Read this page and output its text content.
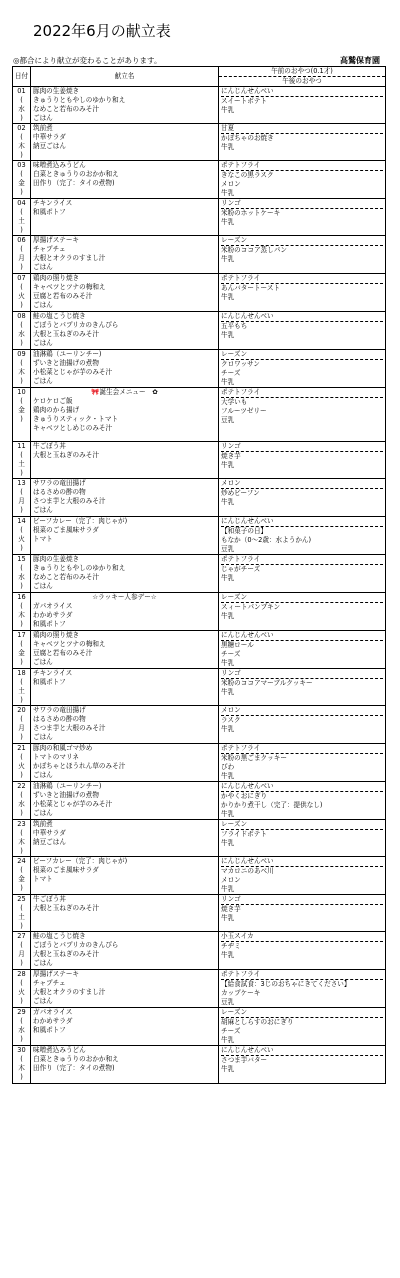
2022年6月の献立表
◎都合により献立が変わることがあります。	高鷲保育園
日付	献立名	午前のおやつ(0.1才)
午後のおやつ

01
(
水
)	豚肉の生姜焼き
きゅうりともやしのゆかり和え
なめこと若布のみそ汁
ごはん	にんじんせんべい
スイートポテト
牛乳

02
(
木
)	筑前煮
中華サラダ
納豆ごはん	甘夏
かぼちゃのお焼き
牛乳

03
(
金
)	味噌煮込みうどん
白菜ときゅうりのおかか和え
田作り（完了：タイの煮物)	ポテトフライ
きなこの黒ラスク
メロン
牛乳

04
(
土
)	チキンライス
和風ポトフ	リンゴ
米粉のホットケーキ
牛乳

06
(
月
)	厚揚げステーキ
チャプチェ
大根とオクラのすまし汁
ごはん	レーズン
米粉のココア蒸しパン
牛乳

07
(
火
)	鶏肉の照り焼き
キャベツとツナの梅和え
豆腐と若布のみそ汁
ごはん	ポテトフライ
あんバタートースト
牛乳

08
(
水
)	鮭の塩こうじ焼き
ごぼうとパプリカのきんぴら
大根と玉ねぎのみそ汁
ごはん	にんじんせんべい
五平もち
牛乳

09
(
木
)	油淋鶏（ユーリンチー)
ずいきと油揚げの煮物
小松菜とじゃが芋のみそ汁
ごはん	レーズン
クロワッサン
チーズ
牛乳

10
(
金
)	🎀誕生会メニュー　✿
ケロケロご飯
鶏肉のから揚げ
きゅうりスティック・トマト
キャベツとしめじのみそ汁	ポテトフライ
大学いも
フルーツゼリー
豆乳

11
(
土
)	牛ごぼう丼
大根と玉ねぎのみそ汁	リンゴ
焼き芋
牛乳

13
(
月
)	サワラの竜田揚げ
はるさめの酢の物
さつま芋と大根のみそ汁
ごはん	メロン
炒めビーフン
牛乳

14
(
火
)	ビーフカレー（完了：肉じゃが)
根菜のごま風味サラダ
トマト	にんじんせんべい
【和菓子の日】
もなか（0～2歳：水ようかん)
豆乳

15
(
水
)	豚肉の生姜焼き
きゅうりともやしのゆかり和え
なめこと若布のみそ汁
ごはん	ポテトフライ
じゃがチーズ
牛乳

16
(
木
)	☆ラッキー人参デー☆
ガパオライス
わかめサラダ
和風ポトフ	レーズン
スィートパンプキン
牛乳

17
(
金
)	鶏肉の照り焼き
キャベツとツナの梅和え
豆腐と若布のみそ汁
ごはん	にんじんせんべい
黒糖ロール
チーズ
牛乳

18
(
土
)	チキンライス
和風ポトフ	リンゴ
米粉のココアマーブルクッキー
牛乳

20
(
月
)	サワラの竜田揚げ
はるさめの酢の物
さつま芋と大根のみそ汁
ごはん	メロン
ラスク
牛乳

21
(
火
)	豚肉の和風ゴマ炒め
トマトのマリネ
かぼちゃとほうれん草のみそ汁
ごはん	ポテトフライ
米粉の黒ごまクッキー
びわ
牛乳

22
(
水
)	油淋鶏（ユーリンチー)
ずいきと油揚げの煮物
小松菜とじゃが芋のみそ汁
ごはん	にんじんせんべい
かやくおにぎり
かりかり煮干し（完了：提供なし)
牛乳

23
(
木
)	筑前煮
中華サラダ
納豆ごはん	レーズン
フライドポテト
牛乳

24
(
金
)	ビーフカレー（完了：肉じゃが)
根菜のごま風味サラダ
トマト	にんじんせんべい
マカロニのあべ川
メロン
牛乳

25
(
土
)	牛ごぼう丼
大根と玉ねぎのみそ汁	リンゴ
焼き芋
牛乳

27
(
月
)	鮭の塩こうじ焼き
ごぼうとパプリカのきんぴら
大根と玉ねぎのみそ汁
ごはん	小玉スイカ
チヂミ
牛乳

28
(
火
)	厚揚げステーキ
チャプチェ
大根とオクラのすまし汁
ごはん	ポテトフライ
【給食試食：3じのおちゃにきてください】
カップケーキ
豆乳

29
(
水
)	ガパオライス
わかめサラダ
和風ポトフ	レーズン
胡麻としらすのおにぎり
チーズ
牛乳

30
(
木
)	味噌煮込みうどん
白菜ときゅうりのおかか和え
田作り（完了：タイの煮物)	にんじんせんべい
さつま芋バター
牛乳
